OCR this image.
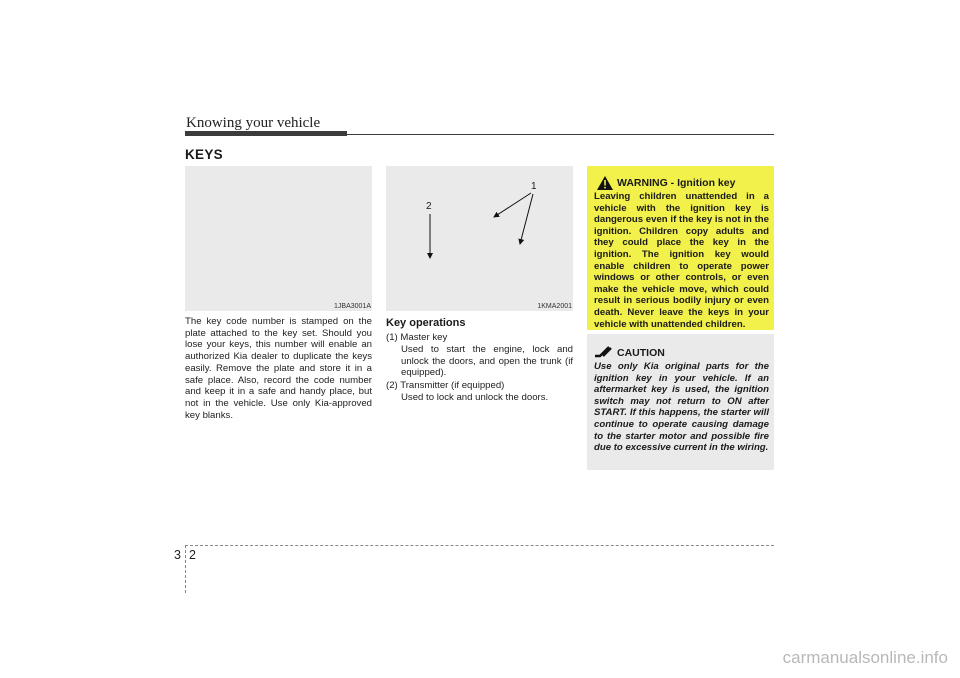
Knowing your vehicle
KEYS
1JBA3001A
The key code number is stamped on the plate attached to the key set. Should you lose your keys, this number will enable an authorized Kia dealer to duplicate the keys easily. Remove the plate and store it in a safe place. Also, record the code number and keep it in a safe and handy place, but not in the vehicle. Use only Kia-approved key blanks.
1
2
1KMA2001
Key operations
(1) Master key
Used to start the engine, lock and unlock the doors, and open the trunk (if equipped).
(2) Transmitter (if equipped)
Used to lock and unlock the doors.
WARNING - Ignition key
Leaving children unattended in a vehicle with the ignition key is dangerous even if the key is not in the ignition. Children copy adults and they could place the key in the ignition. The ignition key would enable children to operate power windows or other controls, or even make the vehicle move, which could result in serious bodily injury or even death. Never leave the keys in your vehicle with unattended children.
CAUTION
Use only Kia original parts for the ignition key in your vehicle. If an aftermarket key is used, the ignition switch may not return to ON after START. If this happens, the starter will continue to operate causing damage to the starter motor and possible fire due to excessive current in the wiring.
3 2
carmanualsonline.info
